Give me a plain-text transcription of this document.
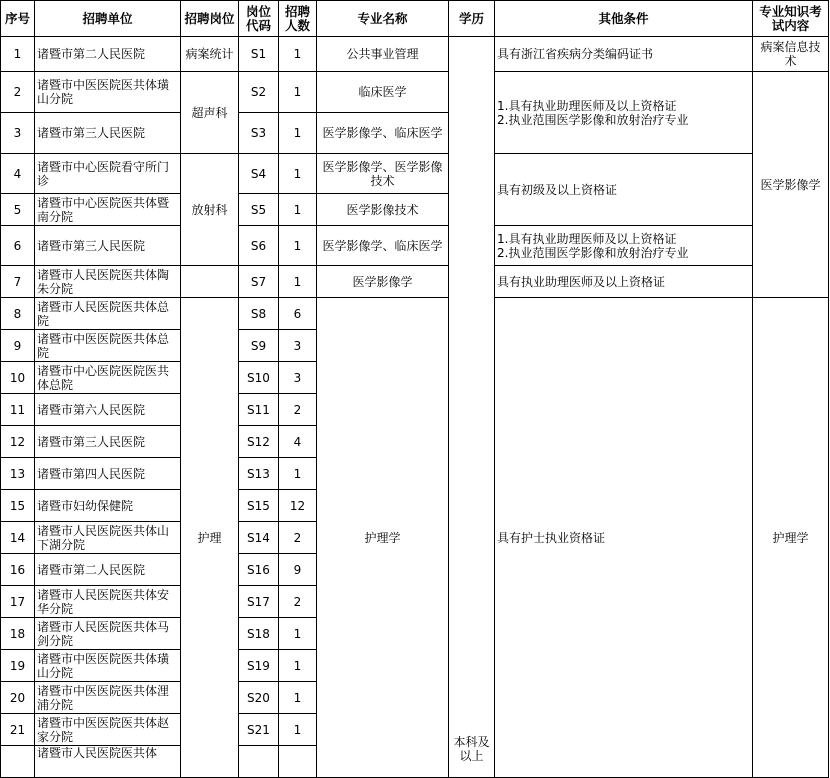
序号	招聘单位	招聘岗位	岗位代码	招聘人数	专业名称	学历	其他条件	专业知识考试内容
1	诸暨市第二人民医院	病案统计	S1	1	公共事业管理	本科及以上	具有浙江省疾病分类编码证书	病案信息技术
2	诸暨市中医医院医共体璜山分院	超声科	S2	1	临床医学		1.具有执业助理医师及以上资格证
2.执业范围医学影像和放射治疗专业	医学影像学
3	诸暨市第三人民医院		S3	1	医学影像学、临床医学			
4	诸暨市中心医院看守所门诊	放射科	S4	1	医学影像学、医学影像技术		具有初级及以上资格证	
5	诸暨市中心医院医共体暨南分院		S5	1	医学影像技术			
6	诸暨市第三人民医院		S6	1	医学影像学、临床医学		1.具有执业助理医师及以上资格证
2.执业范围医学影像和放射治疗专业	
7	诸暨市人民医院医共体陶朱分院		S7	1	医学影像学		具有执业助理医师及以上资格证	
8	诸暨市人民医院医共体总院	护理	S8	6	护理学		具有护士执业资格证	护理学
9	诸暨市中医医院医共体总院		S9	3				
10	诸暨市中心医院医院医共体总院		S10	3				
11	诸暨市第六人民医院		S11	2				
12	诸暨市第三人民医院		S12	4				
13	诸暨市第四人民医院		S13	1				
15	诸暨市妇幼保健院		S15	12				
14	诸暨市人民医院医共体山下湖分院		S14	2				
16	诸暨市第二人民医院		S16	9				
17	诸暨市人民医院医共体安华分院		S17	2				
18	诸暨市人民医院医共体马剑分院		S18	1				
19	诸暨市中医医院医共体璜山分院		S19	1				
20	诸暨市中医医院医共体浬浦分院		S20	1				
21	诸暨市中医医院医共体赵家分院		S21	1				
	诸暨市人民医院医共体							
